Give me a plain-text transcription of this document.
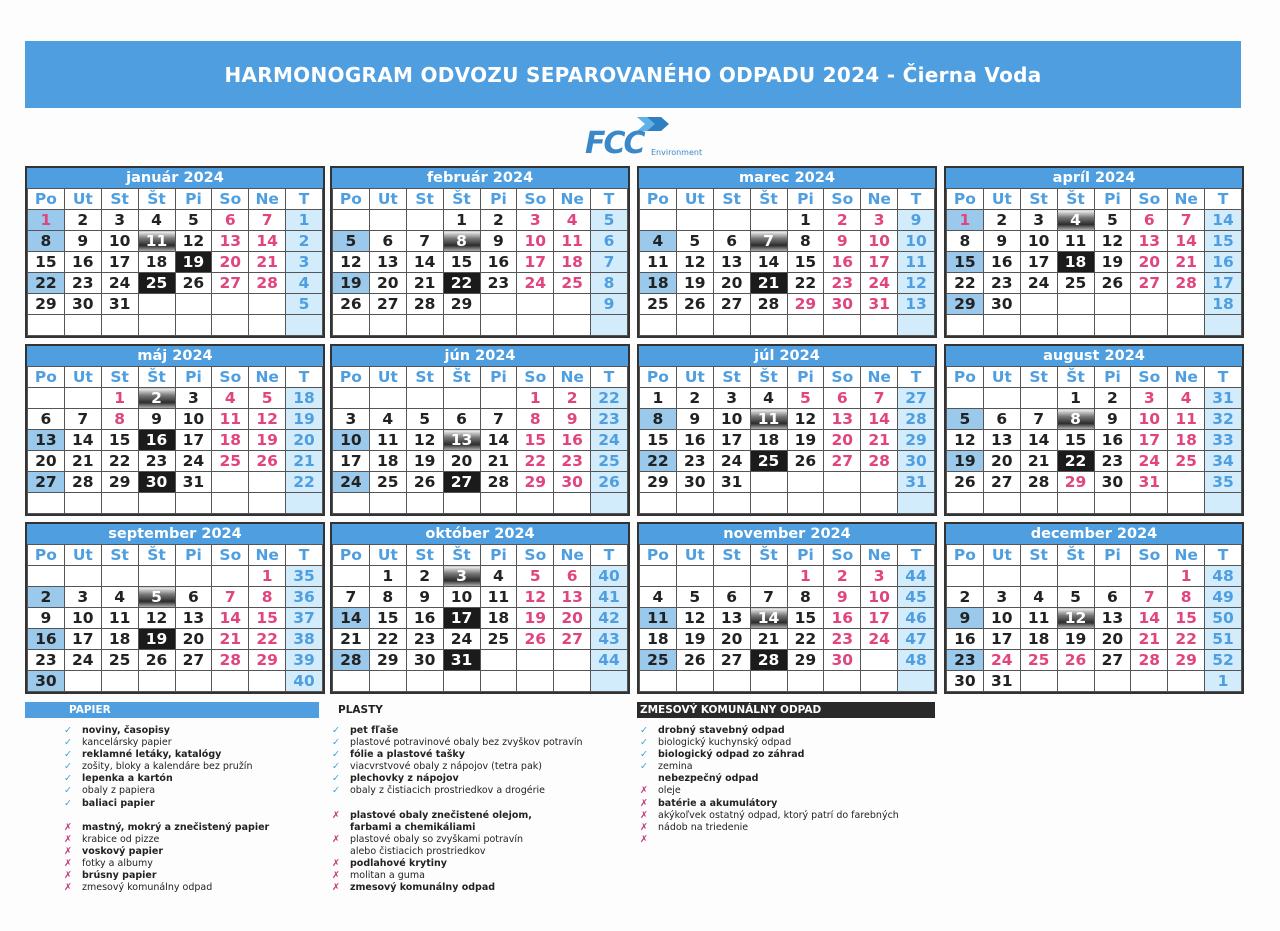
HARMONOGRAM ODVOZU SEPAROVANÉHO ODPADU 2024 - Čierna Voda
FCC Environment
január 2024
Po	Ut	St	Št	Pi	So	Ne	T
1	2	3	4	5	6	7	1
8	9	10	11	12	13	14	2
15	16	17	18	19	20	21	3
22	23	24	25	26	27	28	4
29	30	31					5

február 2024
Po	Ut	St	Št	Pi	So	Ne	T
			1	2	3	4	5
5	6	7	8	9	10	11	6
12	13	14	15	16	17	18	7
19	20	21	22	23	24	25	8
26	27	28	29				9

marec 2024
Po	Ut	St	Št	Pi	So	Ne	T
				1	2	3	9
4	5	6	7	8	9	10	10
11	12	13	14	15	16	17	11
18	19	20	21	22	23	24	12
25	26	27	28	29	30	31	13

apríl 2024
Po	Ut	St	Št	Pi	So	Ne	T
1	2	3	4	5	6	7	14
8	9	10	11	12	13	14	15
15	16	17	18	19	20	21	16
22	23	24	25	26	27	28	17
29	30						18

máj 2024
Po	Ut	St	Št	Pi	So	Ne	T
		1	2	3	4	5	18
6	7	8	9	10	11	12	19
13	14	15	16	17	18	19	20
20	21	22	23	24	25	26	21
27	28	29	30	31			22

jún 2024
Po	Ut	St	Št	Pi	So	Ne	T
					1	2	22
3	4	5	6	7	8	9	23
10	11	12	13	14	15	16	24
17	18	19	20	21	22	23	25
24	25	26	27	28	29	30	26

júl 2024
Po	Ut	St	Št	Pi	So	Ne	T
1	2	3	4	5	6	7	27
8	9	10	11	12	13	14	28
15	16	17	18	19	20	21	29
22	23	24	25	26	27	28	30
29	30	31					31

august 2024
Po	Ut	St	Št	Pi	So	Ne	T
			1	2	3	4	31
5	6	7	8	9	10	11	32
12	13	14	15	16	17	18	33
19	20	21	22	23	24	25	34
26	27	28	29	30	31		35

september 2024
Po	Ut	St	Št	Pi	So	Ne	T
						1	35
2	3	4	5	6	7	8	36
9	10	11	12	13	14	15	37
16	17	18	19	20	21	22	38
23	24	25	26	27	28	29	39
30							40
október 2024
Po	Ut	St	Št	Pi	So	Ne	T
	1	2	3	4	5	6	40
7	8	9	10	11	12	13	41
14	15	16	17	18	19	20	42
21	22	23	24	25	26	27	43
28	29	30	31				44

november 2024
Po	Ut	St	Št	Pi	So	Ne	T
				1	2	3	44
4	5	6	7	8	9	10	45
11	12	13	14	15	16	17	46
18	19	20	21	22	23	24	47
25	26	27	28	29	30		48

december 2024
Po	Ut	St	Št	Pi	So	Ne	T
						1	48
2	3	4	5	6	7	8	49
9	10	11	12	13	14	15	50
16	17	18	19	20	21	22	51
23	24	25	26	27	28	29	52
30	31						1
PAPIER	PLASTY	ZMESOVÝ KOMUNÁLNY ODPAD
✓ noviny, časopisy
✓ kancelársky papier
✓ reklamné letáky, katalógy
✓ zošity, bloky a kalendáre bez pružín
✓ lepenka a kartón
✓ obaly z papiera
✓ baliaci papier
✗ mastný, mokrý a znečistený papier
✗ krabice od pizze
✗ voskový papier
✗ fotky a albumy
✗ brúsny papier
✗ zmesový komunálny odpad
✓ pet fľaše
✓ plastové potravinové obaly bez zvyškov potravín
✓ fólie a plastové tašky
✓ viacvrstvové obaly z nápojov (tetra pak)
✓ plechovky z nápojov
✓ obaly z čistiacich prostriedkov a drogérie
✗ plastové obaly znečistené olejom,
farbami a chemikáliami
✗ plastové obaly so zvyškami potravín
alebo čistiacich prostriedkov
✗ podlahové krytiny
✗ molitan a guma
✗ zmesový komunálny odpad
✓ drobný stavebný odpad
✓ biologický kuchynský odpad
✓ biologický odpad zo záhrad
✓ zemina
nebezpečný odpad
✗ oleje
✗ batérie a akumulátory
✗ akýkoľvek ostatný odpad, ktorý patrí do farebných
✗ nádob na triedenie
✗
